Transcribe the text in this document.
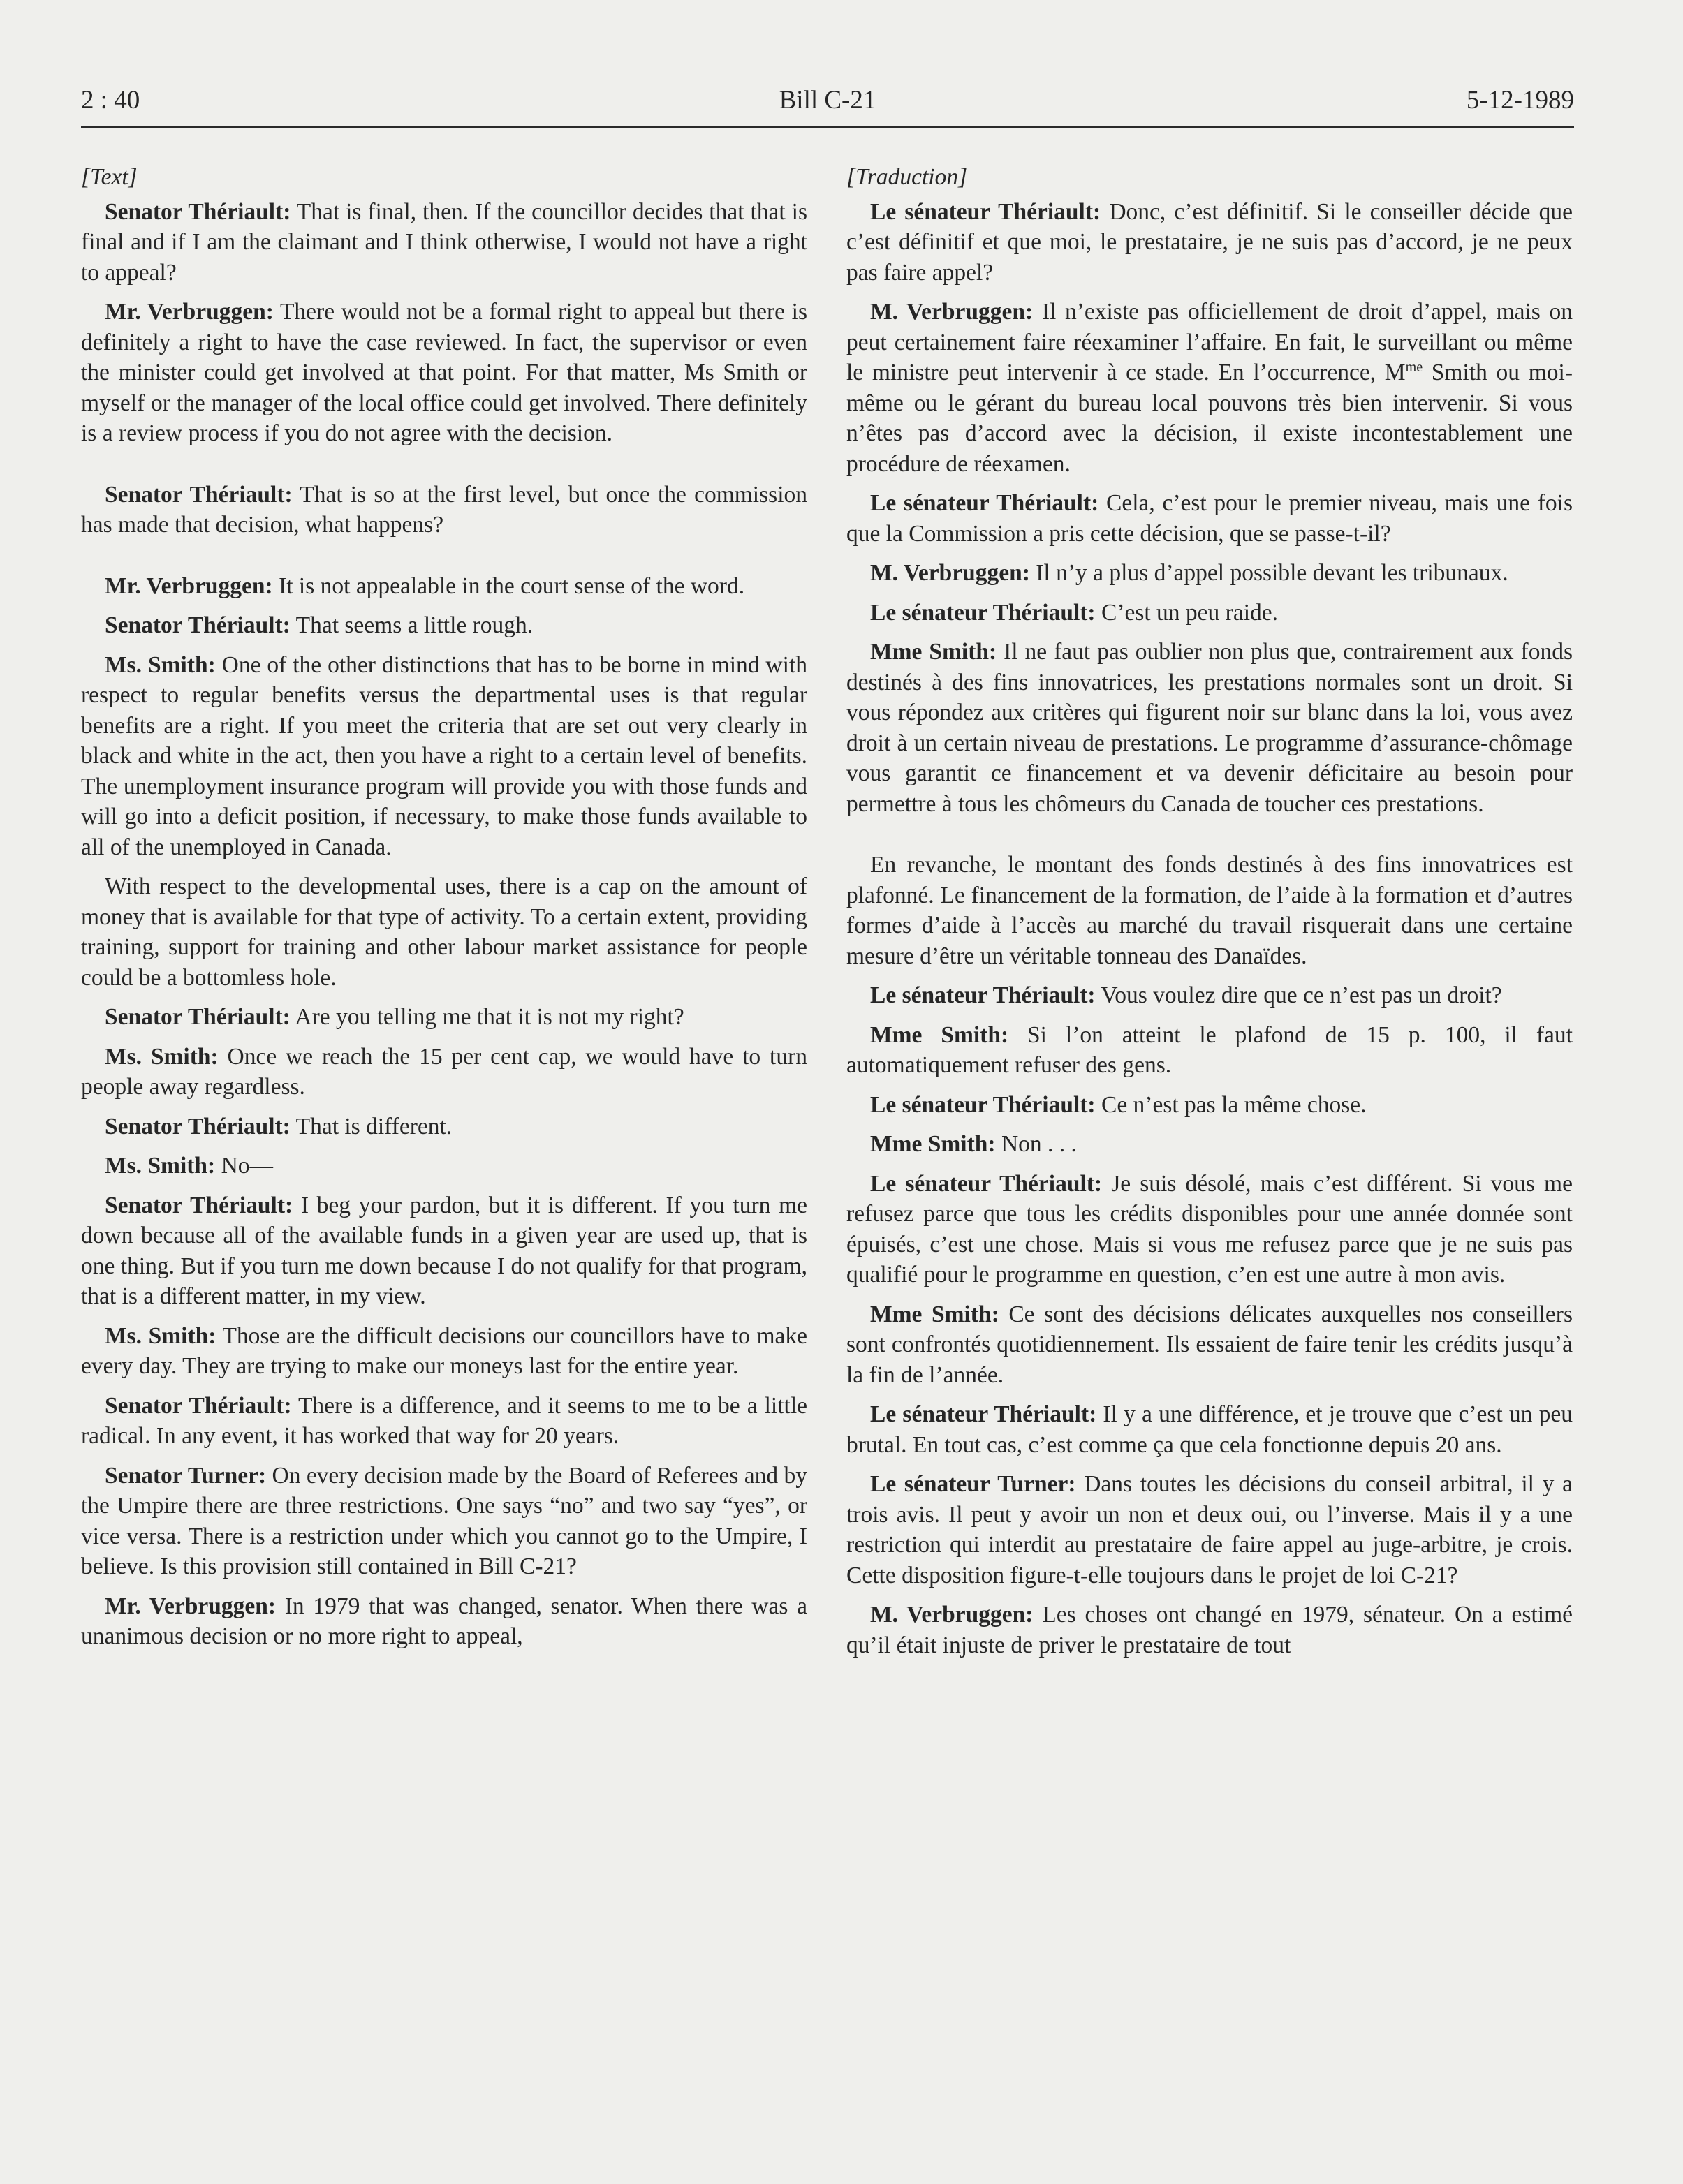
2 : 40	Bill C-21	5-12-1989
[Text]

Senator Thériault: That is final, then. If the councillor decides that that is final and if I am the claimant and I think otherwise, I would not have a right to appeal?

Mr. Verbruggen: There would not be a formal right to appeal but there is definitely a right to have the case reviewed. In fact, the supervisor or even the minister could get involved at that point. For that matter, Ms Smith or myself or the manager of the local office could get involved. There definitely is a review process if you do not agree with the decision.

Senator Thériault: That is so at the first level, but once the commission has made that decision, what happens?

Mr. Verbruggen: It is not appealable in the court sense of the word.

Senator Thériault: That seems a little rough.

Ms. Smith: One of the other distinctions that has to be borne in mind with respect to regular benefits versus the departmental uses is that regular benefits are a right. If you meet the criteria that are set out very clearly in black and white in the act, then you have a right to a certain level of benefits. The unemployment insurance program will provide you with those funds and will go into a deficit position, if necessary, to make those funds available to all of the unemployed in Canada.

With respect to the developmental uses, there is a cap on the amount of money that is available for that type of activity. To a certain extent, providing training, support for training and other labour market assistance for people could be a bottomless hole.

Senator Thériault: Are you telling me that it is not my right?

Ms. Smith: Once we reach the 15 per cent cap, we would have to turn people away regardless.

Senator Thériault: That is different.

Ms. Smith: No—

Senator Thériault: I beg your pardon, but it is different. If you turn me down because all of the available funds in a given year are used up, that is one thing. But if you turn me down because I do not qualify for that program, that is a different matter, in my view.

Ms. Smith: Those are the difficult decisions our councillors have to make every day. They are trying to make our moneys last for the entire year.

Senator Thériault: There is a difference, and it seems to me to be a little radical. In any event, it has worked that way for 20 years.

Senator Turner: On every decision made by the Board of Referees and by the Umpire there are three restrictions. One says “no” and two say “yes”, or vice versa. There is a restriction under which you cannot go to the Umpire, I believe. Is this provision still contained in Bill C-21?

Mr. Verbruggen: In 1979 that was changed, senator. When there was a unanimous decision or no more right to appeal,

[Traduction]

Le sénateur Thériault: Donc, c’est définitif. Si le conseiller décide que c’est définitif et que moi, le prestataire, je ne suis pas d’accord, je ne peux pas faire appel?

M. Verbruggen: Il n’existe pas officiellement de droit d’appel, mais on peut certainement faire réexaminer l’affaire. En fait, le surveillant ou même le ministre peut intervenir à ce stade. En l’occurrence, $M^{me}$ Smith ou moi-même ou le gérant du bureau local pouvons très bien intervenir. Si vous n’êtes pas d’accord avec la décision, il existe incontestablement une procédure de réexamen.

Le sénateur Thériault: Cela, c’est pour le premier niveau, mais une fois que la Commission a pris cette décision, que se passe-t-il?

M. Verbruggen: Il n’y a plus d’appel possible devant les tribunaux.

Le sénateur Thériault: C’est un peu raide.

Mme Smith: Il ne faut pas oublier non plus que, contrairement aux fonds destinés à des fins innovatrices, les prestations normales sont un droit. Si vous répondez aux critères qui figurent noir sur blanc dans la loi, vous avez droit à un certain niveau de prestations. Le programme d’assurance-chômage vous garantit ce financement et va devenir déficitaire au besoin pour permettre à tous les chômeurs du Canada de toucher ces prestations.

En revanche, le montant des fonds destinés à des fins innovatrices est plafonné. Le financement de la formation, de l’aide à la formation et d’autres formes d’aide à l’accès au marché du travail risquerait dans une certaine mesure d’être un véritable tonneau des Danaïdes.

Le sénateur Thériault: Vous voulez dire que ce n’est pas un droit?

Mme Smith: Si l’on atteint le plafond de 15 p. 100, il faut automatiquement refuser des gens.

Le sénateur Thériault: Ce n’est pas la même chose.

Mme Smith: Non . . .

Le sénateur Thériault: Je suis désolé, mais c’est différent. Si vous me refusez parce que tous les crédits disponibles pour une année donnée sont épuisés, c’est une chose. Mais si vous me refusez parce que je ne suis pas qualifié pour le programme en question, c’en est une autre à mon avis.

Mme Smith: Ce sont des décisions délicates auxquelles nos conseillers sont confrontés quotidiennement. Ils essaient de faire tenir les crédits jusqu’à la fin de l’année.

Le sénateur Thériault: Il y a une différence, et je trouve que c’est un peu brutal. En tout cas, c’est comme ça que cela fonctionne depuis 20 ans.

Le sénateur Turner: Dans toutes les décisions du conseil arbitral, il y a trois avis. Il peut y avoir un non et deux oui, ou l’inverse. Mais il y a une restriction qui interdit au prestataire de faire appel au juge-arbitre, je crois. Cette disposition figure-t-elle toujours dans le projet de loi C-21?

M. Verbruggen: Les choses ont changé en 1979, sénateur. On a estimé qu’il était injuste de priver le prestataire de tout
